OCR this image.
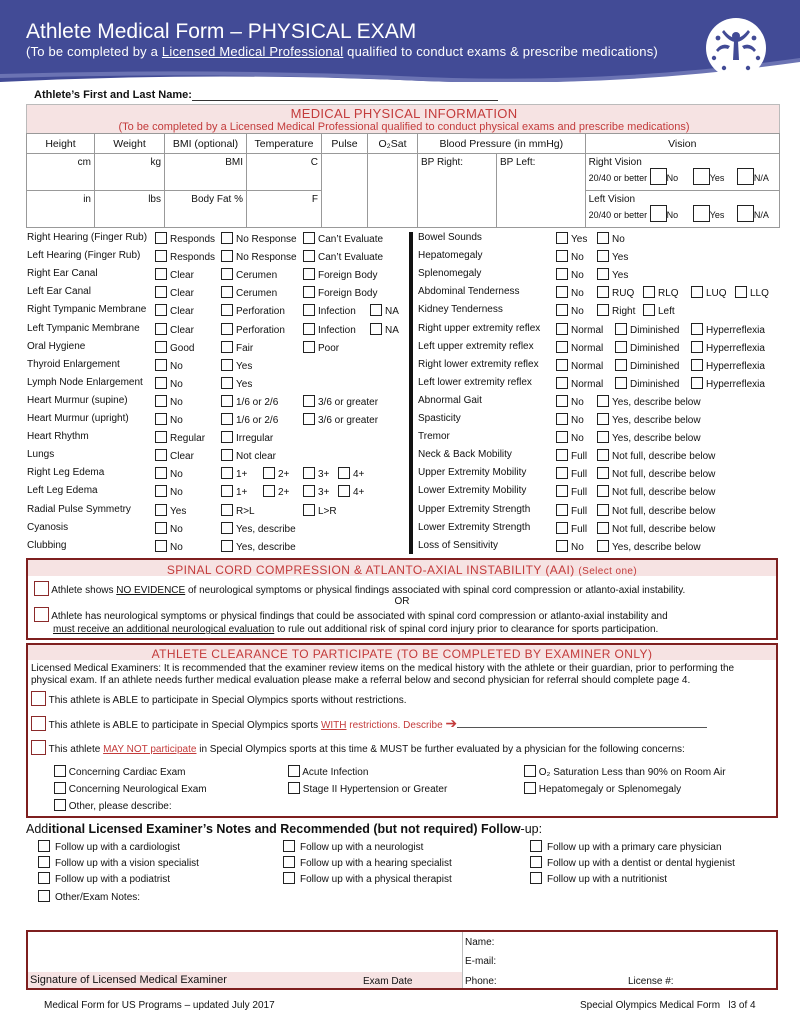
Athlete Medical Form – PHYSICAL EXAM
(To be completed by a Licensed Medical Professional qualified to conduct exams & prescribe medications)
Athlete’s First and Last Name:
MEDICAL PHYSICAL INFORMATION
(To be completed by a Licensed Medical Professional qualified to conduct physical exams and prescribe medications)
Height	Weight	BMI (optional)	Temperature	Pulse	O₂Sat	Blood Pressure (in mmHg)		Vision
cm	kg	BMI	C			BP Right:	BP Left:	Right Vision
20/40 or better No Yes N/A

in	lbs	Body Fat %	F					Left Vision
20/40 or better No Yes N/A
Right Hearing (Finger Rub)	Responds	No Response	Can’t Evaluate
Left Hearing (Finger Rub)	Responds	No Response	Can’t Evaluate
Right Ear Canal	Clear	Cerumen	Foreign Body
Left Ear Canal	Clear	Cerumen	Foreign Body
Right Tympanic Membrane	Clear	Perforation	Infection	NA
Left Tympanic Membrane	Clear	Perforation	Infection	NA
Oral Hygiene	Good	Fair	Poor
Thyroid Enlargement	No	Yes
Lymph Node Enlargement	No	Yes
Heart Murmur (supine)	No	1/6 or 2/6	3/6 or greater
Heart Murmur (upright)	No	1/6 or 2/6	3/6 or greater
Heart Rhythm	Regular	Irregular
Lungs	Clear	Not clear
Right Leg Edema	No	1+	2+	3+	4+
Left Leg Edema	No	1+	2+	3+	4+
Radial Pulse Symmetry	Yes	R>L	L>R
Cyanosis	No	Yes, describe
Clubbing	No	Yes, describe
Bowel Sounds	Yes	No
Hepatomegaly	No	Yes
Splenomegaly	No	Yes
Abdominal Tenderness	No	RUQ	RLQ	LUQ	LLQ
Kidney Tenderness	No	Right	Left
Right upper extremity reflex	Normal	Diminished	Hyperreflexia
Left upper extremity reflex	Normal	Diminished	Hyperreflexia
Right lower extremity reflex	Normal	Diminished	Hyperreflexia
Left lower extremity reflex	Normal	Diminished	Hyperreflexia
Abnormal Gait	No	Yes, describe below
Spasticity	No	Yes, describe below
Tremor	No	Yes, describe below
Neck & Back Mobility	Full	Not full, describe below
Upper Extremity Mobility	Full	Not full, describe below
Lower Extremity Mobility	Full	Not full, describe below
Upper Extremity Strength	Full	Not full, describe below
Lower Extremity Strength	Full	Not full, describe below
Loss of Sensitivity	No	Yes, describe below
SPINAL CORD COMPRESSION & ATLANTO-AXIAL INSTABILITY (AAI) (Select one)
Athlete shows NO EVIDENCE of neurological symptoms or physical findings associated with spinal cord compression or atlanto-axial instability.
OR
Athlete has neurological symptoms or physical findings that could be associated with spinal cord compression or atlanto-axial instability and
must receive an additional neurological evaluation to rule out additional risk of spinal cord injury prior to clearance for sports participation.
ATHLETE CLEARANCE TO PARTICIPATE (TO BE COMPLETED BY EXAMINER ONLY)
Licensed Medical Examiners: It is recommended that the examiner review items on the medical history with the athlete or their guardian, prior to performing the physical exam. If an athlete needs further medical evaluation please make a referral below and second physician for referral should complete page 4.
This athlete is ABLE to participate in Special Olympics sports without restrictions.
This athlete is ABLE to participate in Special Olympics sports WITH restrictions. Describe ➔
This athlete MAY NOT participate in Special Olympics sports at this time & MUST be further evaluated by a physician for the following concerns:
Concerning Cardiac Exam	Acute Infection	O₂ Saturation Less than 90% on Room Air
Concerning Neurological Exam	Stage II Hypertension or Greater	Hepatomegaly or Splenomegaly
Other, please describe:
Additional Licensed Examiner’s Notes and Recommended (but not required) Follow-up:
Follow up with a cardiologist	Follow up with a neurologist	Follow up with a primary care physician
Follow up with a vision specialist	Follow up with a hearing specialist	Follow up with a dentist or dental hygienist
Follow up with a podiatrist	Follow up with a physical therapist	Follow up with a nutritionist
Other/Exam Notes:
Signature of Licensed Medical Examiner	Exam Date
Name:
E-mail:
Phone:	License #:
Medical Form for US Programs – updated July 2017	Special Olympics Medical Form   l3 of 4
